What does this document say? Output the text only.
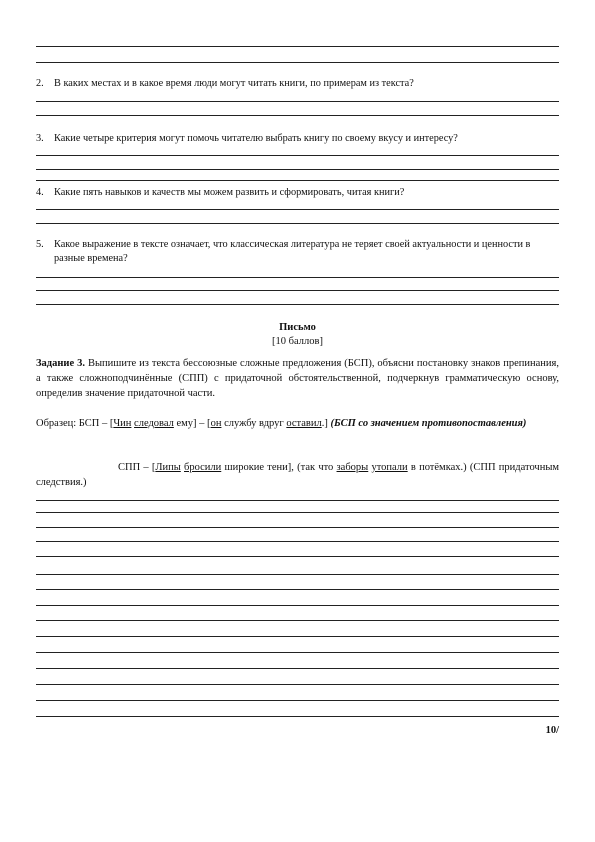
2. В каких местах и в какое время люди могут читать книги, по примерам из текста?
3. Какие четыре критерия могут помочь читателю выбрать книгу по своему вкусу и интересу?
4. Какие пять навыков и качеств мы можем развить и сформировать, читая книги?
5. Какое выражение в тексте означает, что классическая литература не теряет своей актуальности и ценности в разные времена?
Письмо
[10 баллов]
Задание 3. Выпишите из текста бессоюзные сложные предложения (БСП), объясни постановку знаков препинания, а также сложноподчинённые (СПП) с придаточной обстоятельственной, подчеркнув грамматическую основу, определив значение придаточной части.
Образец: БСП – [Чин следовал ему] – [он службу вдруг оставил.] (БСП со значением противопоставления)
СПП – [Липы бросили широкие тени], (так что заборы утопали в потёмках.) (СПП придаточным следствия.)
10/
